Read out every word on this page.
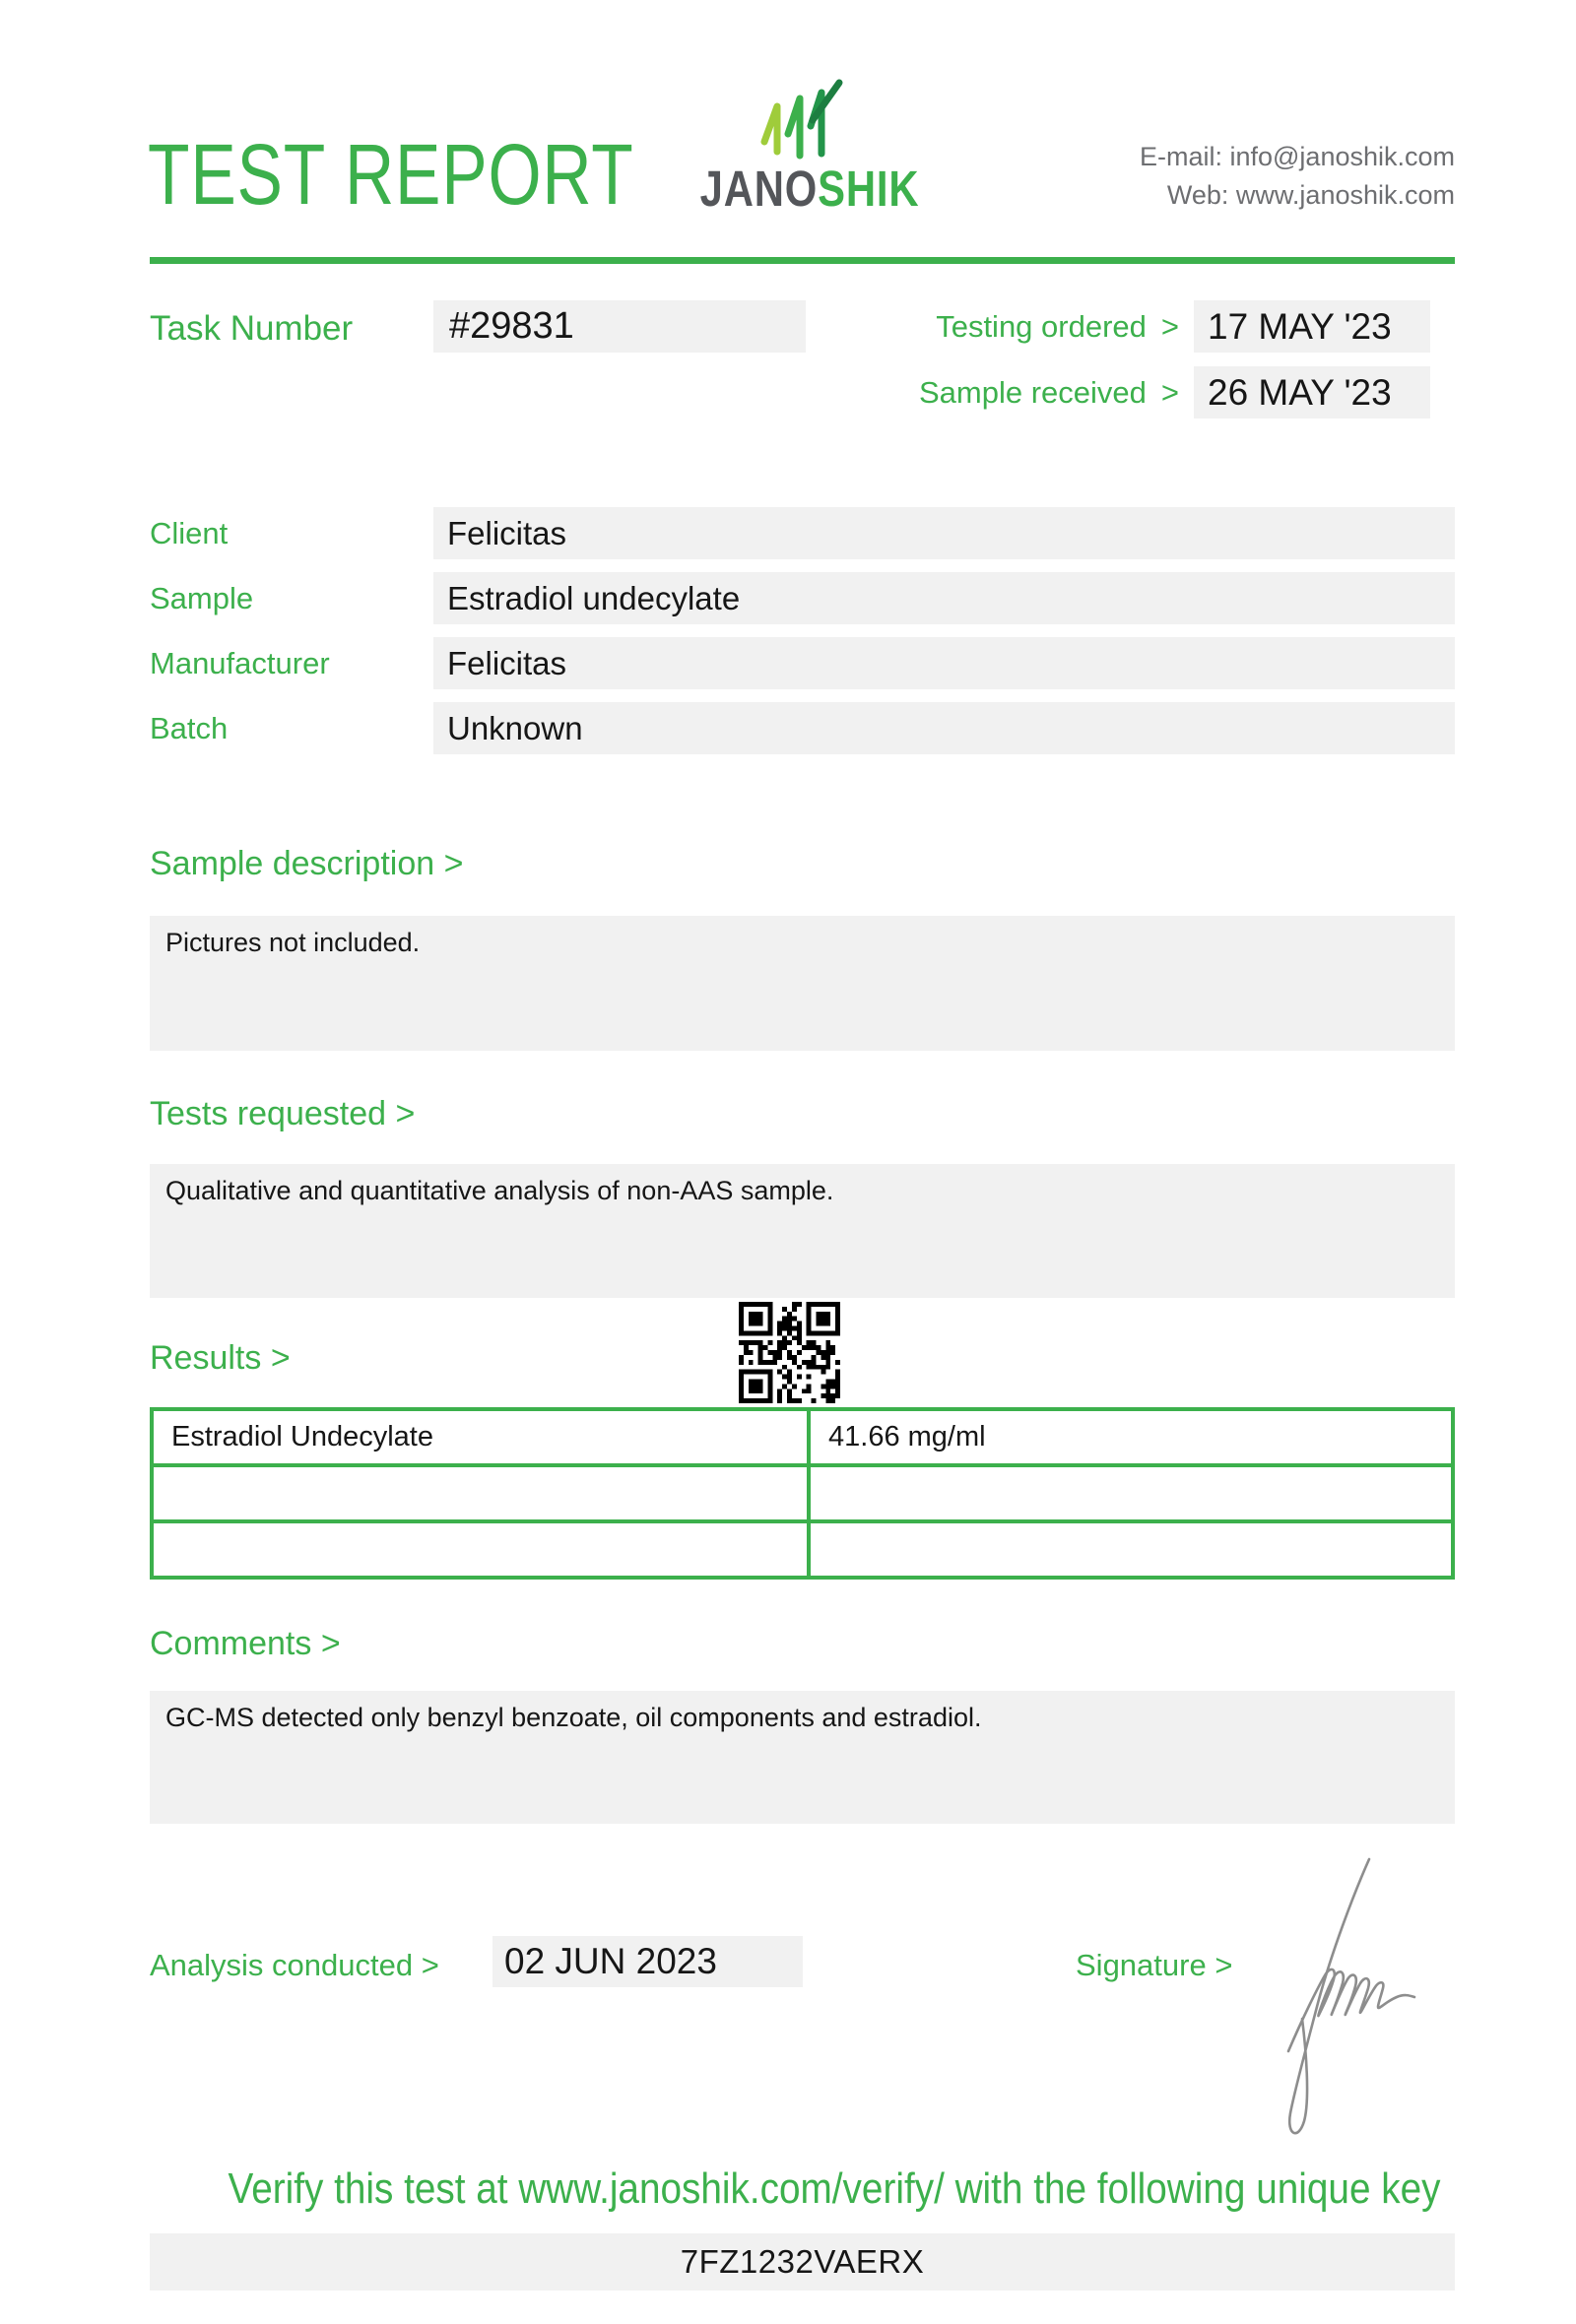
TEST REPORT JANOSHIK
E-mail: info@janoshik.com
Web: www.janoshik.com
Task Number	#29831	Testing ordered > 17 MAY '23
Sample received > 26 MAY '23
Client	Felicitas
Sample	Estradiol undecylate
Manufacturer	Felicitas
Batch	Unknown
Sample description >
Pictures not included.
Tests requested >
Qualitative and quantitative analysis of non-AAS sample.
Results >
Estradiol Undecylate	41.66 mg/ml

Comments >
GC-MS detected only benzyl benzoate, oil components and estradiol.
Analysis conducted >	02 JUN 2023	Signature >
Verify this test at www.janoshik.com/verify/ with the following unique key
7FZ1232VAERX
